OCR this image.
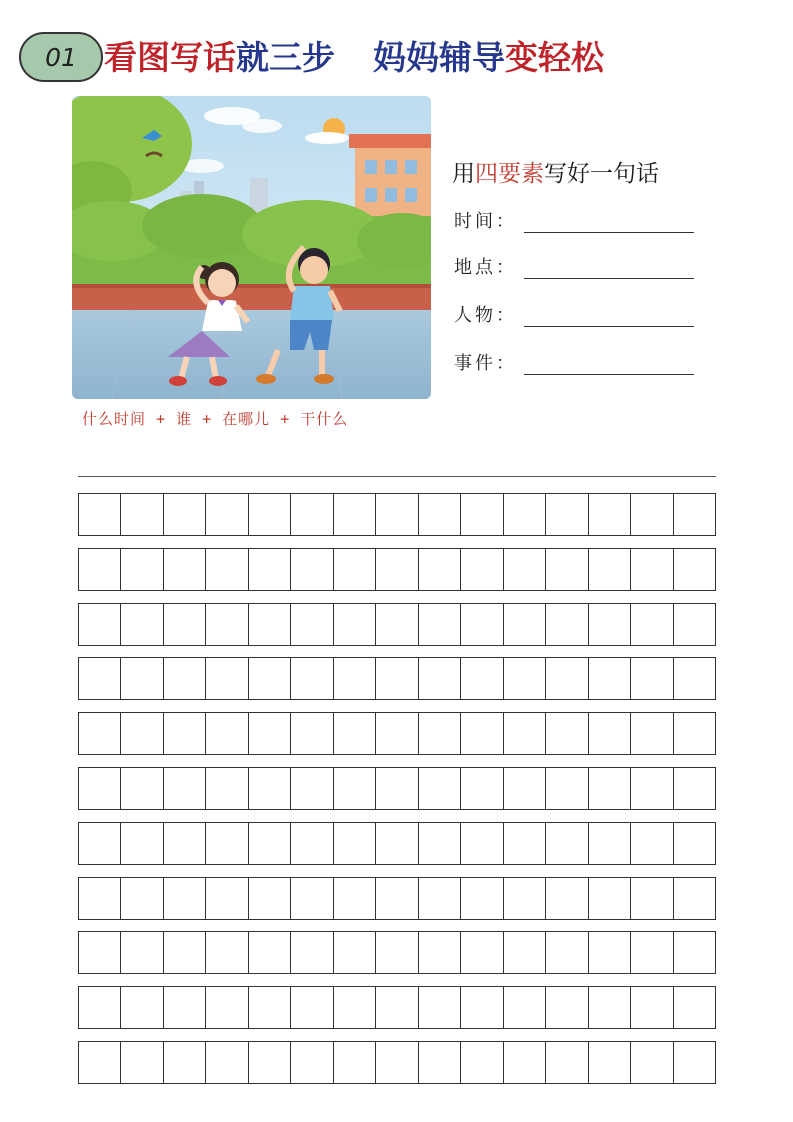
01 看图写话就三步 妈妈辅导变轻松
什么时间 + 谁 + 在哪儿 + 干什么
用四要素写好一句话
时间：
地点：
人物：
事件：
